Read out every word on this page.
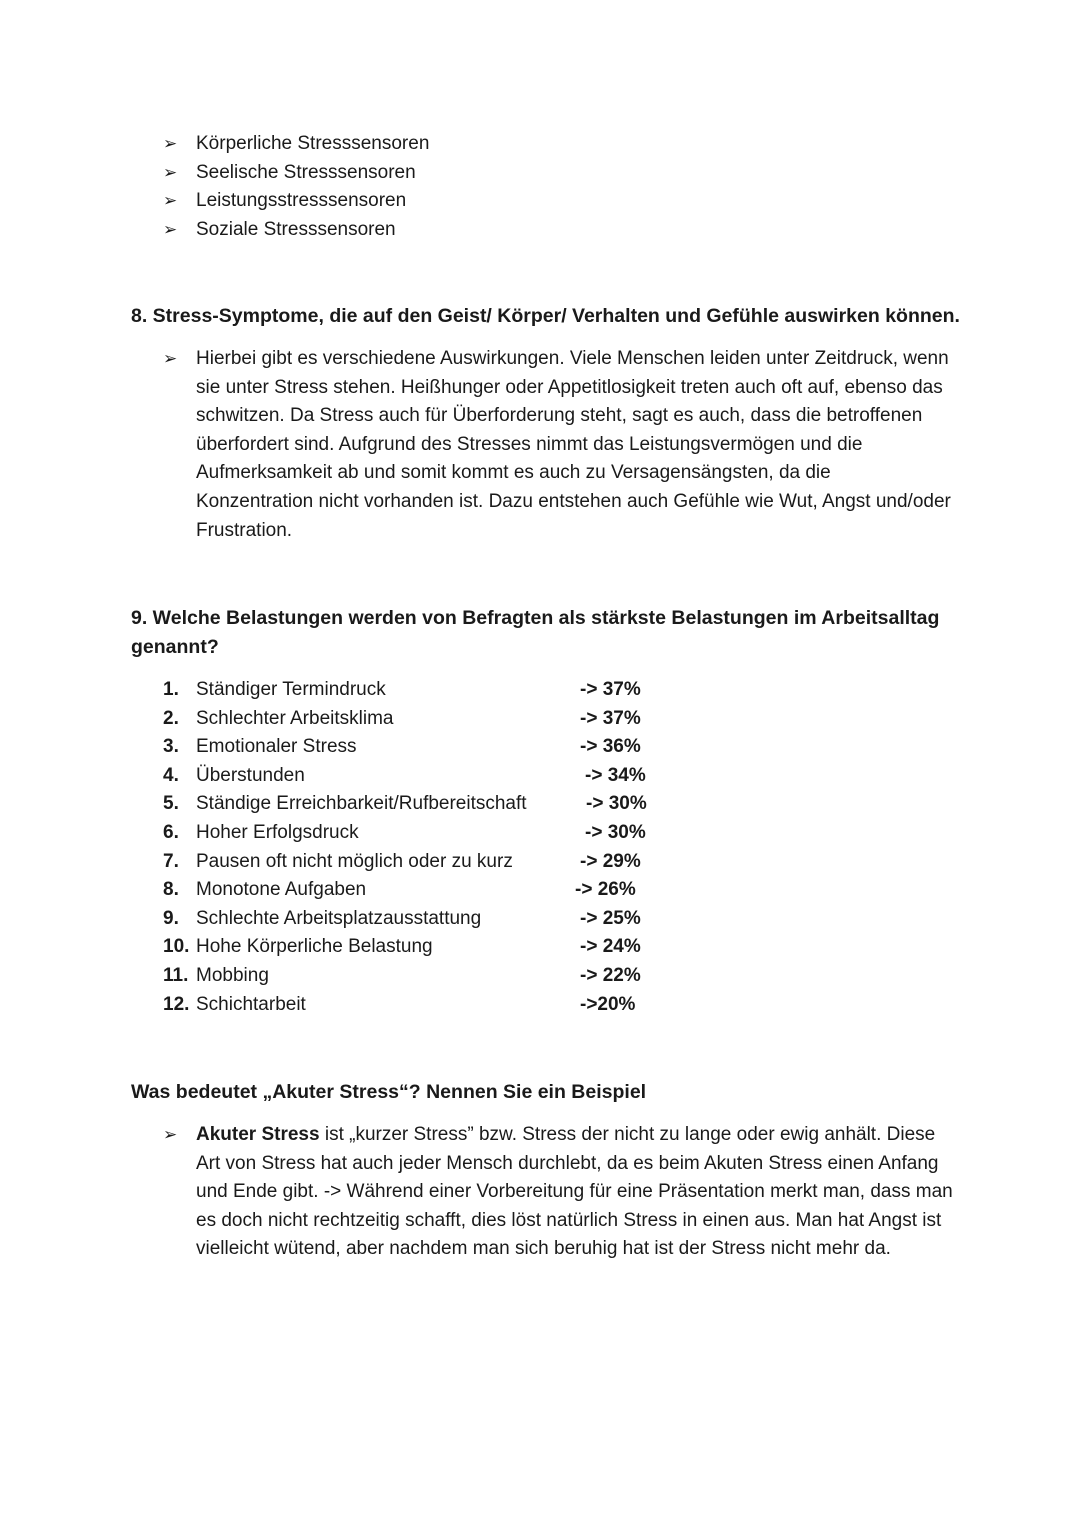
➢ Körperliche Stresssensoren
➢ Seelische Stresssensoren
➢ Leistungsstresssensoren
➢ Soziale Stresssensoren
8. Stress-Symptome, die auf den Geist/ Körper/ Verhalten und Gefühle auswirken können.
➢ Hierbei gibt es verschiedene Auswirkungen. Viele Menschen leiden unter Zeitdruck, wenn sie unter Stress stehen. Heißhunger oder Appetitlosigkeit treten auch oft auf, ebenso das schwitzen. Da Stress auch für Überforderung steht, sagt es auch, dass die betroffenen überfordert sind. Aufgrund des Stresses nimmt das Leistungsvermögen und die Aufmerksamkeit ab und somit kommt es auch zu Versagensängsten, da die Konzentration nicht vorhanden ist. Dazu entstehen auch Gefühle wie Wut, Angst und/oder Frustration.
9. Welche Belastungen werden von Befragten als stärkste Belastungen im Arbeitsalltag
genannt?
1. Ständiger Termindruck	-> 37%
2. Schlechter Arbeitsklima	-> 37%
3. Emotionaler Stress	-> 36%
4. Überstunden	-> 34%
5. Ständige Erreichbarkeit/Rufbereitschaft	-> 30%
6. Hoher Erfolgsdruck	-> 30%
7. Pausen oft nicht möglich oder zu kurz	-> 29%
8. Monotone Aufgaben	-> 26%
9. Schlechte Arbeitsplatzausstattung	-> 25%
10. Hohe Körperliche Belastung	-> 24%
11. Mobbing	-> 22%
12. Schichtarbeit	->20%
Was bedeutet „Akuter Stress“? Nennen Sie ein Beispiel
➢ Akuter Stress ist „kurzer Stress” bzw. Stress der nicht zu lange oder ewig anhält. Diese Art von Stress hat auch jeder Mensch durchlebt, da es beim Akuten Stress einen Anfang und Ende gibt. -> Während einer Vorbereitung für eine Präsentation merkt man, dass man es doch nicht rechtzeitig schafft, dies löst natürlich Stress in einen aus. Man hat Angst ist vielleicht wütend, aber nachdem man sich beruhig hat ist der Stress nicht mehr da.
